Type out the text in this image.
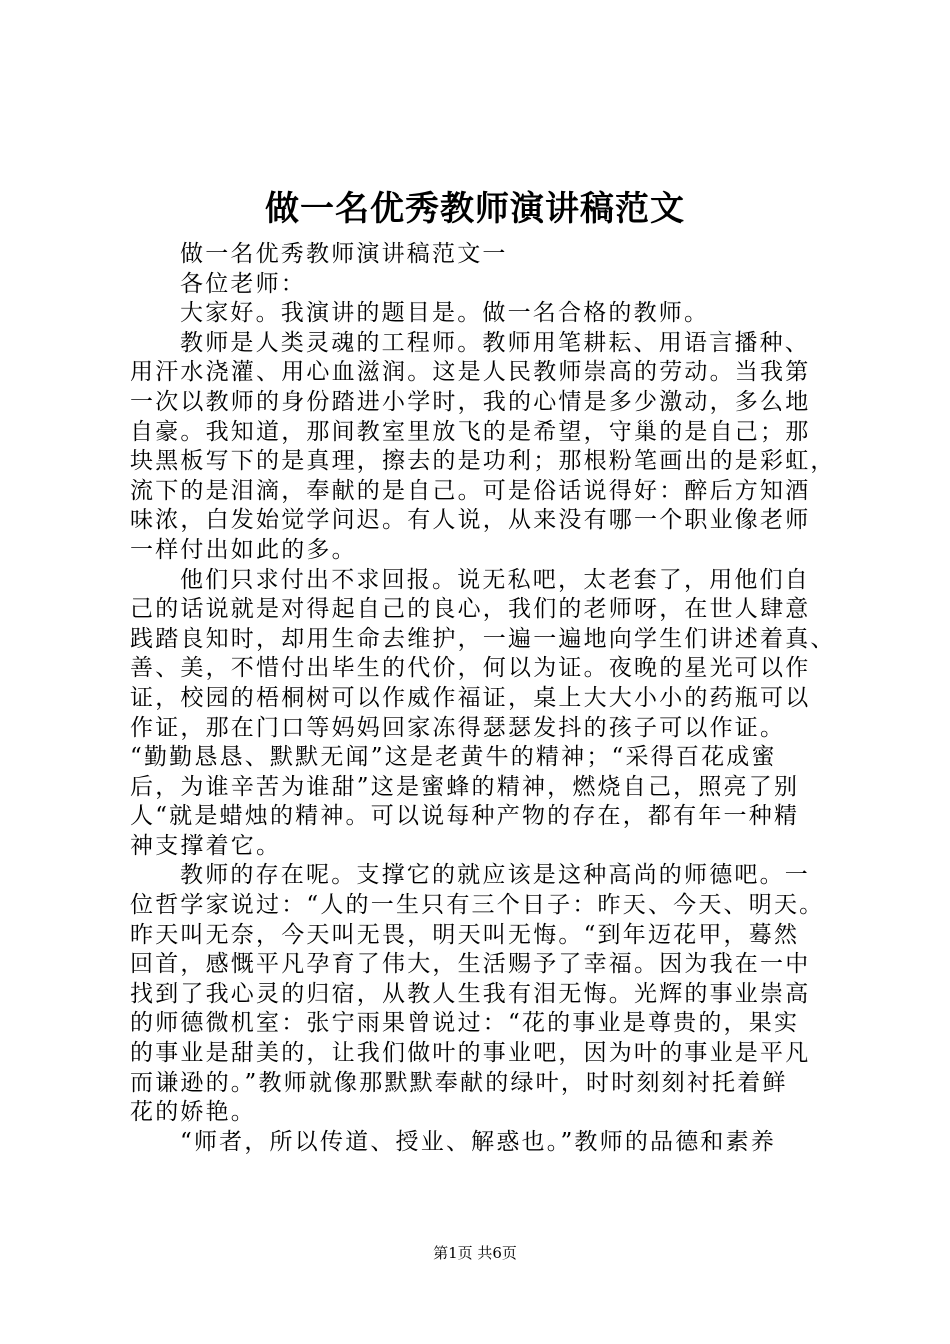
做一名优秀教师演讲稿范文
做一名优秀教师演讲稿范文一
各位老师：
大家好。我演讲的题目是。做一名合格的教师。
教师是人类灵魂的工程师。教师用笔耕耘、用语言播种、
用汗水浇灌、用心血滋润。这是人民教师崇高的劳动。当我第
一次以教师的身份踏进小学时，我的心情是多少激动，多么地
自豪。我知道，那间教室里放飞的是希望，守巢的是自己；那
块黑板写下的是真理，擦去的是功利；那根粉笔画出的是彩虹，
流下的是泪滴，奉献的是自己。可是俗话说得好：醉后方知酒
味浓，白发始觉学问迟。有人说，从来没有哪一个职业像老师
一样付出如此的多。
他们只求付出不求回报。说无私吧，太老套了，用他们自
己的话说就是对得起自己的良心，我们的老师呀，在世人肆意
践踏良知时，却用生命去维护，一遍一遍地向学生们讲述着真、
善、美，不惜付出毕生的代价，何以为证。夜晚的星光可以作
证，校园的梧桐树可以作威作福证，桌上大大小小的药瓶可以
作证，那在门口等妈妈回家冻得瑟瑟发抖的孩子可以作证。
“勤勤恳恳、默默无闻”这是老黄牛的精神；“采得百花成蜜
后，为谁辛苦为谁甜”这是蜜蜂的精神，燃烧自己，照亮了别
人“就是蜡烛的精神。可以说每种产物的存在，都有年一种精
神支撑着它。
教师的存在呢。支撑它的就应该是这种高尚的师德吧。一
位哲学家说过：“人的一生只有三个日子：昨天、今天、明天。
昨天叫无奈，今天叫无畏，明天叫无悔。“到年迈花甲，蓦然
回首，感慨平凡孕育了伟大，生活赐予了幸福。因为我在一中
找到了我心灵的归宿，从教人生我有泪无悔。光辉的事业崇高
的师德微机室：张宁雨果曾说过：“花的事业是尊贵的，果实
的事业是甜美的，让我们做叶的事业吧，因为叶的事业是平凡
而谦逊的。”教师就像那默默奉献的绿叶，时时刻刻衬托着鲜
花的娇艳。
“师者，所以传道、授业、解惑也。”教师的品德和素养
第1页 共6页
